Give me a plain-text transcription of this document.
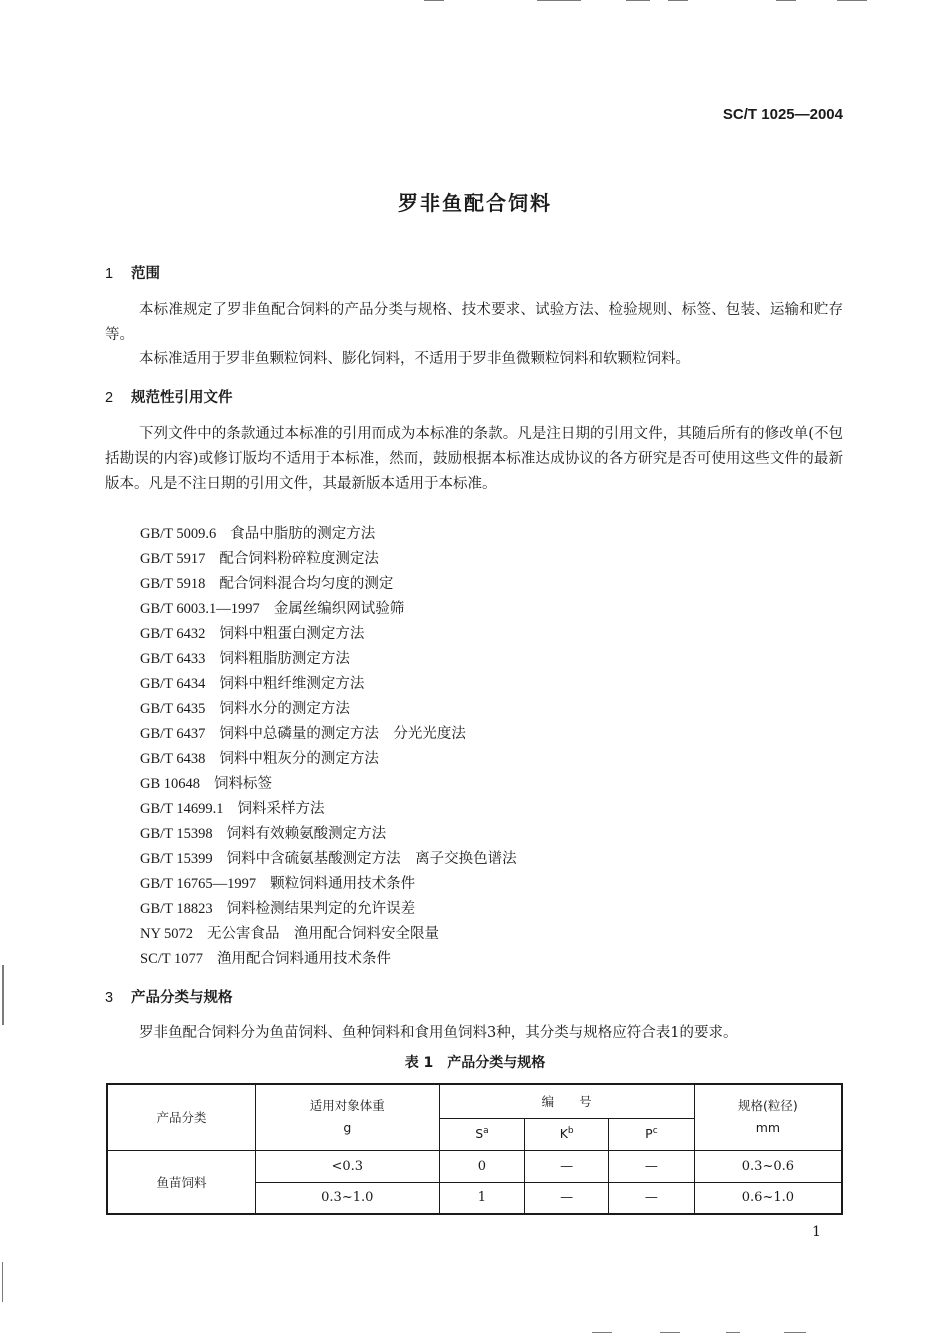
SC/T 1025—2004
罗非鱼配合饲料
1 范围

本标准规定了罗非鱼配合饲料的产品分类与规格、技术要求、试验方法、检验规则、标签、包装、运输和贮存等。

本标准适用于罗非鱼颗粒饲料、膨化饲料，不适用于罗非鱼微颗粒饲料和软颗粒饲料。

2 规范性引用文件

下列文件中的条款通过本标准的引用而成为本标准的条款。凡是注日期的引用文件，其随后所有的修改单(不包括勘误的内容)或修订版均不适用于本标准，然而，鼓励根据本标准达成协议的各方研究是否可使用这些文件的最新版本。凡是不注日期的引用文件，其最新版本适用于本标准。

GB/T 5009.6 食品中脂肪的测定方法
GB/T 5917 配合饲料粉碎粒度测定法
GB/T 5918 配合饲料混合均匀度的测定
GB/T 6003.1—1997 金属丝编织网试验筛
GB/T 6432 饲料中粗蛋白测定方法
GB/T 6433 饲料粗脂肪测定方法
GB/T 6434 饲料中粗纤维测定方法
GB/T 6435 饲料水分的测定方法
GB/T 6437 饲料中总磷量的测定方法　分光光度法
GB/T 6438 饲料中粗灰分的测定方法
GB 10648 饲料标签
GB/T 14699.1 饲料采样方法
GB/T 15398 饲料有效赖氨酸测定方法
GB/T 15399 饲料中含硫氨基酸测定方法　离子交换色谱法
GB/T 16765—1997 颗粒饲料通用技术条件
GB/T 18823 饲料检测结果判定的允许误差
NY 5072 无公害食品　渔用配合饲料安全限量
SC/T 1077 渔用配合饲料通用技术条件
3 产品分类与规格

罗非鱼配合饲料分为鱼苗饲料、鱼种饲料和食用鱼饲料3种，其分类与规格应符合表1的要求。

表 1　产品分类与规格
产品分类	适用对象体重
g	编　　号			规格(粒径)
mm
		$S^a$	$K^b$	$P^c$
鱼苗饲料	<0.3	0	—	—	0.3~0.6
	0.3~1.0	1	—	—	0.6~1.0
1
